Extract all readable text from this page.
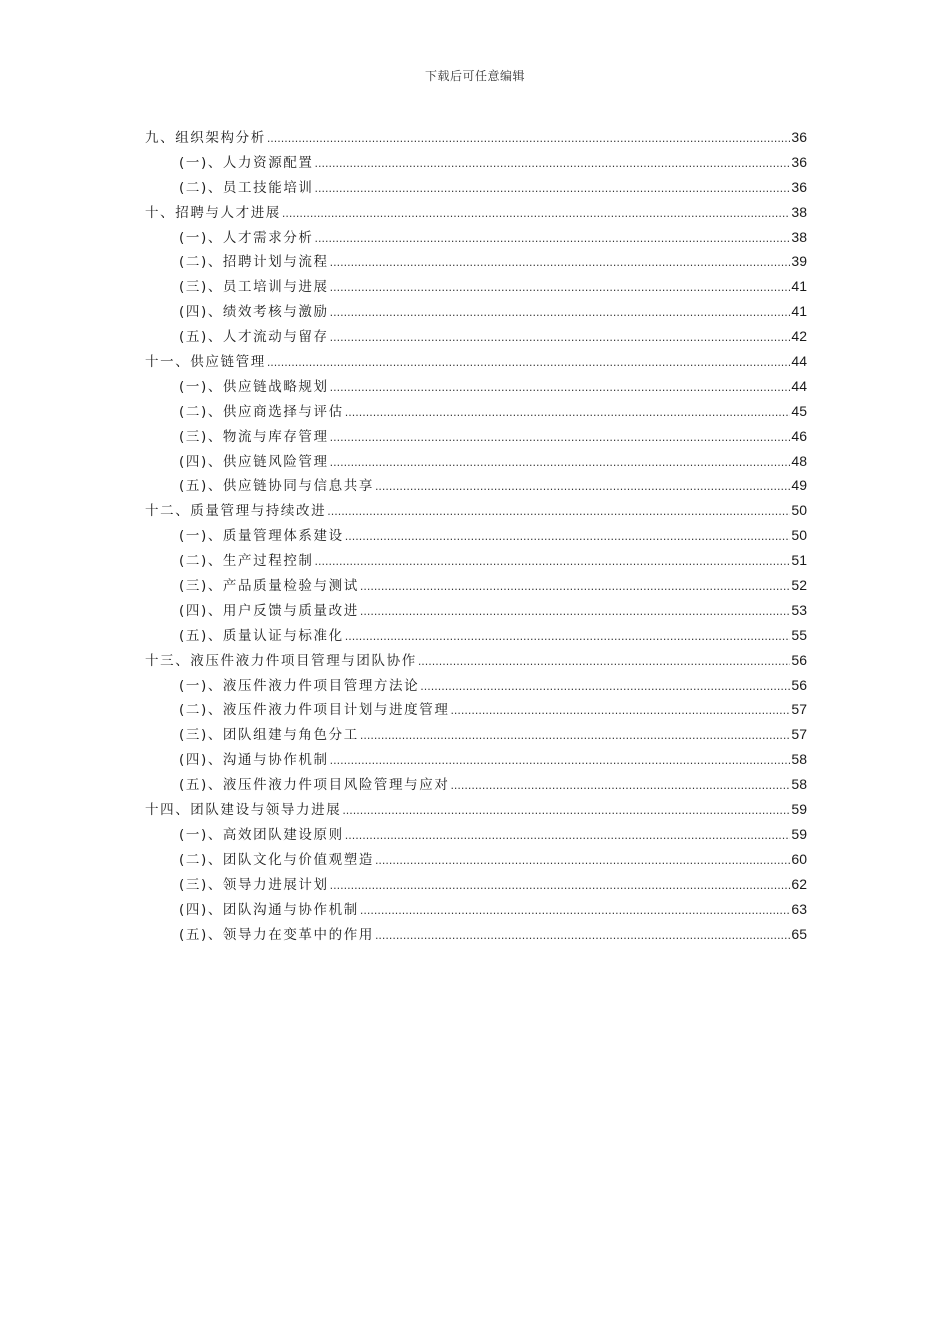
下载后可任意编辑
九、组织架构分析 .....	36
(一)、人力资源配置 .....	36
(二)、员工技能培训 .....	36
十、招聘与人才进展 .....	38
(一)、人才需求分析 .....	38
(二)、招聘计划与流程 .....	39
(三)、员工培训与进展 .....	41
(四)、绩效考核与激励 .....	41
(五)、人才流动与留存 .....	42
十一、供应链管理 .....	44
(一)、供应链战略规划 .....	44
(二)、供应商选择与评估 .....	45
(三)、物流与库存管理 .....	46
(四)、供应链风险管理 .....	48
(五)、供应链协同与信息共享 .....	49
十二、质量管理与持续改进 .....	50
(一)、质量管理体系建设 .....	50
(二)、生产过程控制 .....	51
(三)、产品质量检验与测试 .....	52
(四)、用户反馈与质量改进 .....	53
(五)、质量认证与标准化 .....	55
十三、液压件液力件项目管理与团队协作 .....	56
(一)、液压件液力件项目管理方法论 .....	56
(二)、液压件液力件项目计划与进度管理 .....	57
(三)、团队组建与角色分工 .....	57
(四)、沟通与协作机制 .....	58
(五)、液压件液力件项目风险管理与应对 .....	58
十四、团队建设与领导力进展 .....	59
(一)、高效团队建设原则 .....	59
(二)、团队文化与价值观塑造 .....	60
(三)、领导力进展计划 .....	62
(四)、团队沟通与协作机制 .....	63
(五)、领导力在变革中的作用 .....	65
